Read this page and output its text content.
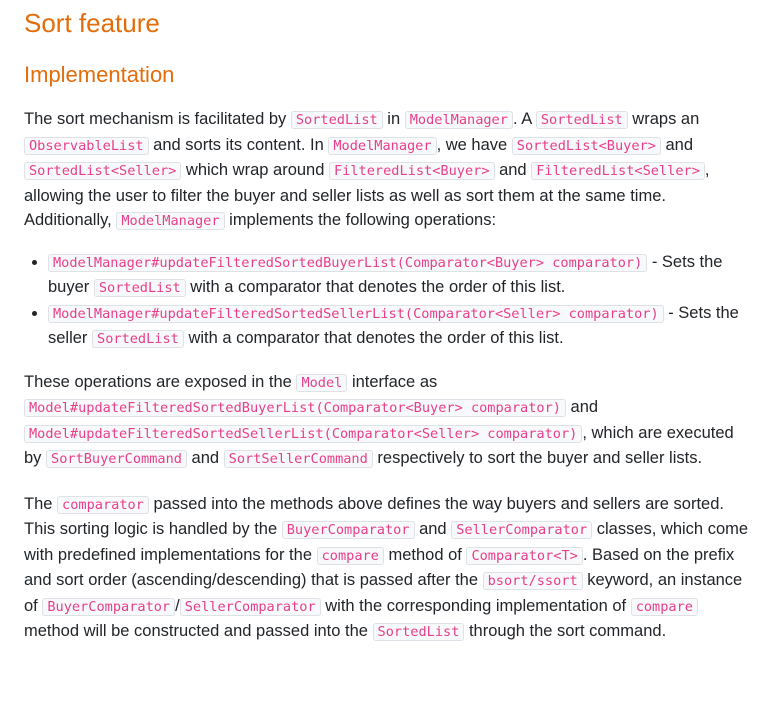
Sort feature
Implementation

The sort mechanism is facilitated by SortedList in ModelManager . A SortedList wraps an ObservableList and sorts its content. In ModelManager , we have SortedList<Buyer> and SortedList<Seller> which wrap around FilteredList<Buyer> and FilteredList<Seller> , allowing the user to filter the buyer and seller lists as well as sort them at the same time. Additionally, ModelManager implements the following operations:

• ModelManager#updateFilteredSortedBuyerList(Comparator<Buyer> comparator) - Sets the buyer SortedList with a comparator that denotes the order of this list.
• ModelManager#updateFilteredSortedSellerList(Comparator<Seller> comparator) - Sets the seller SortedList with a comparator that denotes the order of this list.

These operations are exposed in the Model interface as Model#updateFilteredSortedBuyerList(Comparator<Buyer> comparator) and Model#updateFilteredSortedSellerList(Comparator<Seller> comparator) , which are executed by SortBuyerCommand and SortSellerCommand respectively to sort the buyer and seller lists.

The comparator passed into the methods above defines the way buyers and sellers are sorted. This sorting logic is handled by the BuyerComparator and SellerComparator classes, which come with predefined implementations for the compare method of Comparator<T> . Based on the prefix and sort order (ascending/descending) that is passed after the bsort/ssort keyword, an instance of BuyerComparator / SellerComparator with the corresponding implementation of compare method will be constructed and passed into the SortedList through the sort command.
